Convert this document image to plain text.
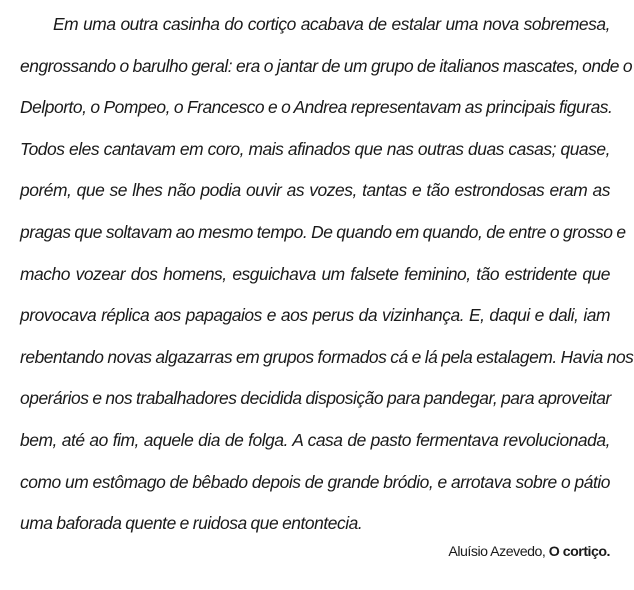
Em uma outra casinha do cortiço acabava de estalar uma nova sobremesa,
engrossando o barulho geral: era o jantar de um grupo de italianos mascates, onde o
Delporto, o Pompeo, o Francesco e o Andrea representavam as principais figuras.
Todos eles cantavam em coro, mais afinados que nas outras duas casas; quase,
porém, que se lhes não podia ouvir as vozes, tantas e tão estrondosas eram as
pragas que soltavam ao mesmo tempo. De quando em quando, de entre o grosso e
macho vozear dos homens, esguichava um falsete feminino, tão estridente que
provocava réplica aos papagaios e aos perus da vizinhança. E, daqui e dali, iam
rebentando novas algazarras em grupos formados cá e lá pela estalagem. Havia nos
operários e nos trabalhadores decidida disposição para pandegar, para aproveitar
bem, até ao fim, aquele dia de folga. A casa de pasto fermentava revolucionada,
como um estômago de bêbado depois de grande bródio, e arrotava sobre o pátio
uma baforada quente e ruidosa que entontecia.
Aluísio Azevedo, O cortiço.
